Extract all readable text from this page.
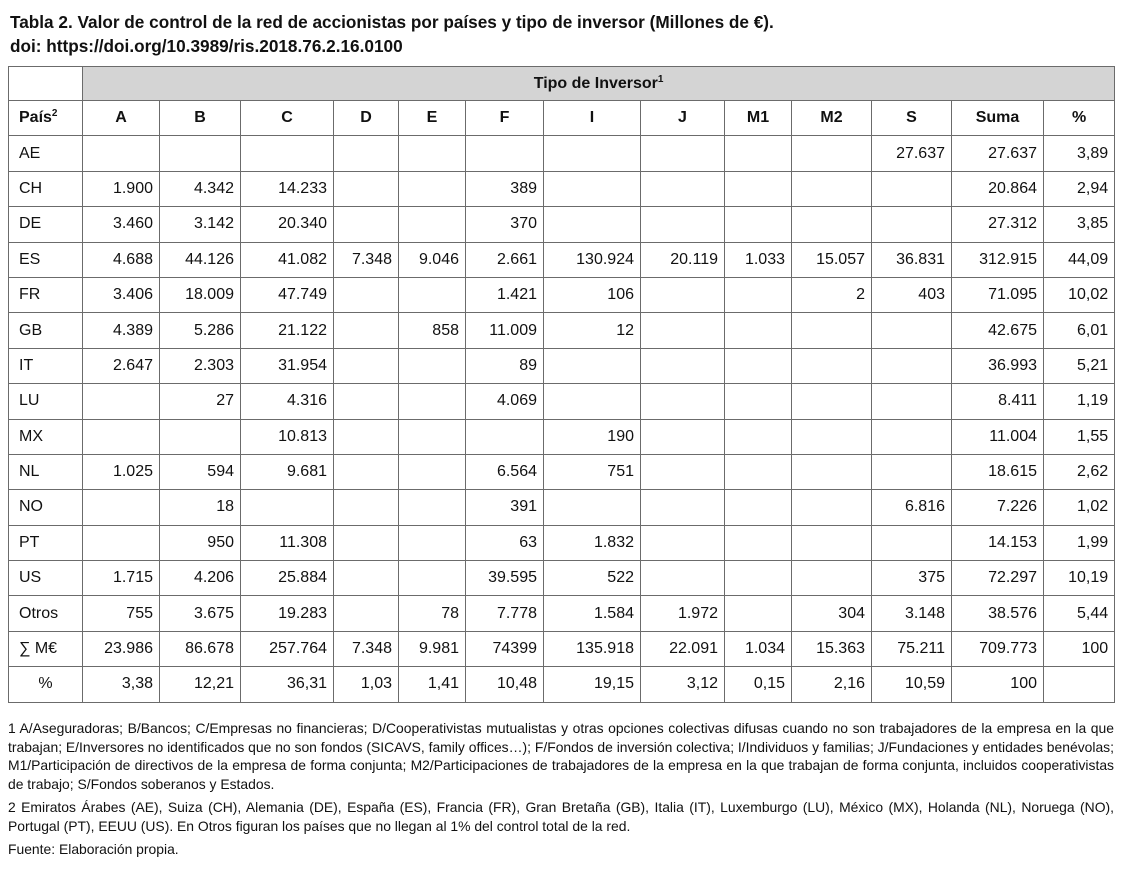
Tabla 2. Valor de control de la red de accionistas por países y tipo de inversor (Millones de €).
doi: https://doi.org/10.3989/ris.2018.76.2.16.0100
	Tipo de Inversor$^1$
País$^2$	A	B	C	D	E	F	I	J	M1	M2	S	Suma	%
AE											27.637	27.637	3,89
CH	1.900	4.342	14.233			389						20.864	2,94
DE	3.460	3.142	20.340			370						27.312	3,85
ES	4.688	44.126	41.082	7.348	9.046	2.661	130.924	20.119	1.033	15.057	36.831	312.915	44,09
FR	3.406	18.009	47.749			1.421	106			2	403	71.095	10,02
GB	4.389	5.286	21.122		858	11.009	12					42.675	6,01
IT	2.647	2.303	31.954			89						36.993	5,21
LU		27	4.316			4.069						8.411	1,19
MX			10.813				190					11.004	1,55
NL	1.025	594	9.681			6.564	751					18.615	2,62
NO		18				391					6.816	7.226	1,02
PT		950	11.308			63	1.832					14.153	1,99
US	1.715	4.206	25.884			39.595	522				375	72.297	10,19
Otros	755	3.675	19.283		78	7.778	1.584	1.972		304	3.148	38.576	5,44
∑ M€	23.986	86.678	257.764	7.348	9.981	74399	135.918	22.091	1.034	15.363	75.211	709.773	100
%	3,38	12,21	36,31	1,03	1,41	10,48	19,15	3,12	0,15	2,16	10,59	100	

1 A/Aseguradoras; B/Bancos; C/Empresas no financieras; D/Cooperativistas mutualistas y otras opciones colectivas difusas cuando no son trabajadores de la empresa en la que trabajan; E/Inversores no identificados que no son fondos (SICAVS, family offices…); F/Fondos de inversión colectiva; I/Individuos y familias; J/Fundaciones y entidades benévolas; M1/Participación de directivos de la empresa de forma conjunta; M2/Participaciones de trabajadores de la empresa en la que trabajan de forma conjunta, incluidos cooperativistas de trabajo; S/Fondos soberanos y Estados.

2 Emiratos Árabes (AE), Suiza (CH), Alemania (DE), España (ES), Francia (FR), Gran Bretaña (GB), Italia (IT), Luxemburgo (LU), México (MX), Holanda (NL), Noruega (NO), Portugal (PT), EEUU (US). En Otros figuran los países que no llegan al 1% del control total de la red.

Fuente: Elaboración propia.
